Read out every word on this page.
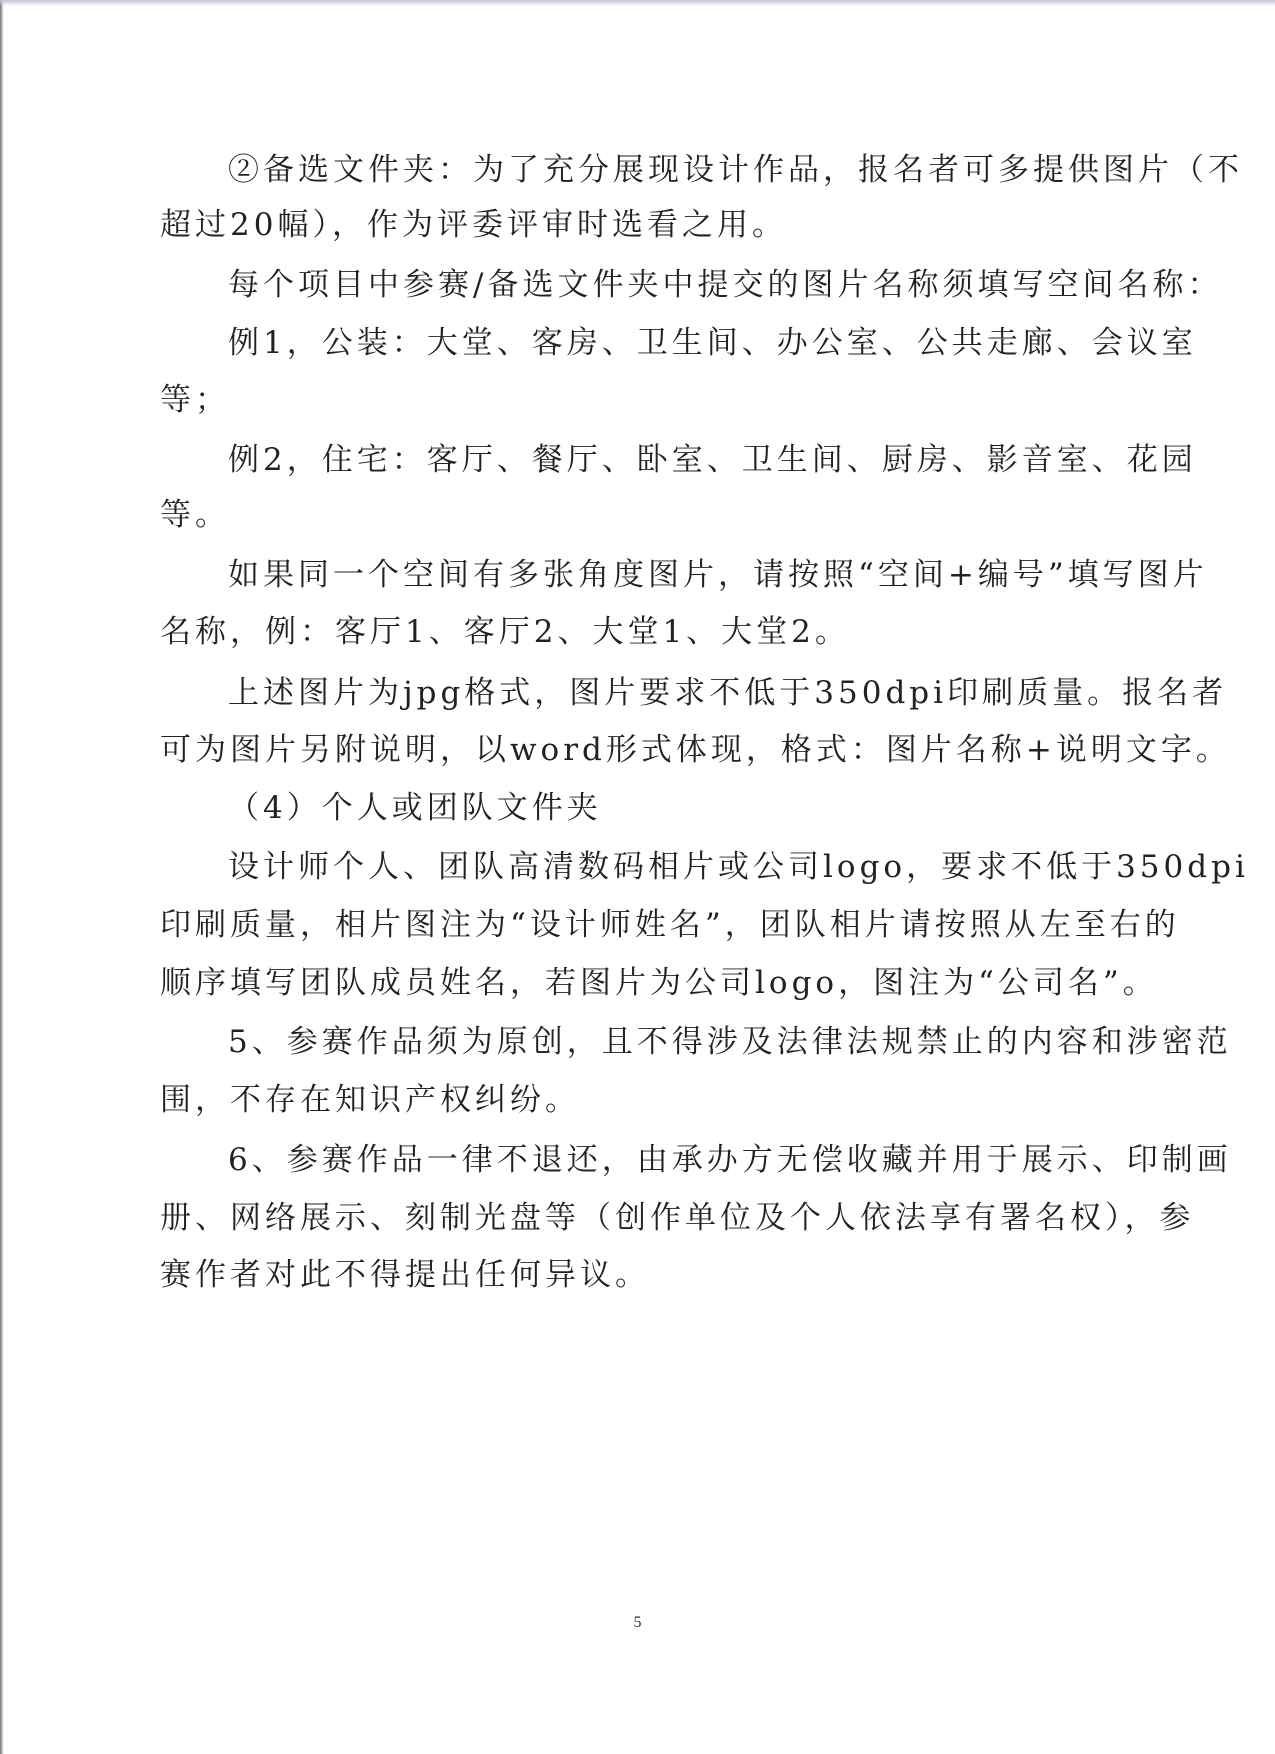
②备选文件夹：为了充分展现设计作品，报名者可多提供图片（不
超过20幅），作为评委评审时选看之用。
每个项目中参赛/备选文件夹中提交的图片名称须填写空间名称：
例1，公装：大堂、客房、卫生间、办公室、公共走廊、会议室
等；
例2，住宅：客厅、餐厅、卧室、卫生间、厨房、影音室、花园
等。
如果同一个空间有多张角度图片，请按照“空间+编号”填写图片
名称，例：客厅1、客厅2、大堂1、大堂2。
上述图片为jpg格式，图片要求不低于350dpi印刷质量。报名者
可为图片另附说明，以word形式体现，格式：图片名称+说明文字。
（4）个人或团队文件夹
设计师个人、团队高清数码相片或公司logo，要求不低于350dpi
印刷质量，相片图注为“设计师姓名”，团队相片请按照从左至右的
顺序填写团队成员姓名，若图片为公司logo，图注为“公司名”。
5、参赛作品须为原创，且不得涉及法律法规禁止的内容和涉密范
围，不存在知识产权纠纷。
6、参赛作品一律不退还，由承办方无偿收藏并用于展示、印制画
册、网络展示、刻制光盘等（创作单位及个人依法享有署名权），参
赛作者对此不得提出任何异议。
5
